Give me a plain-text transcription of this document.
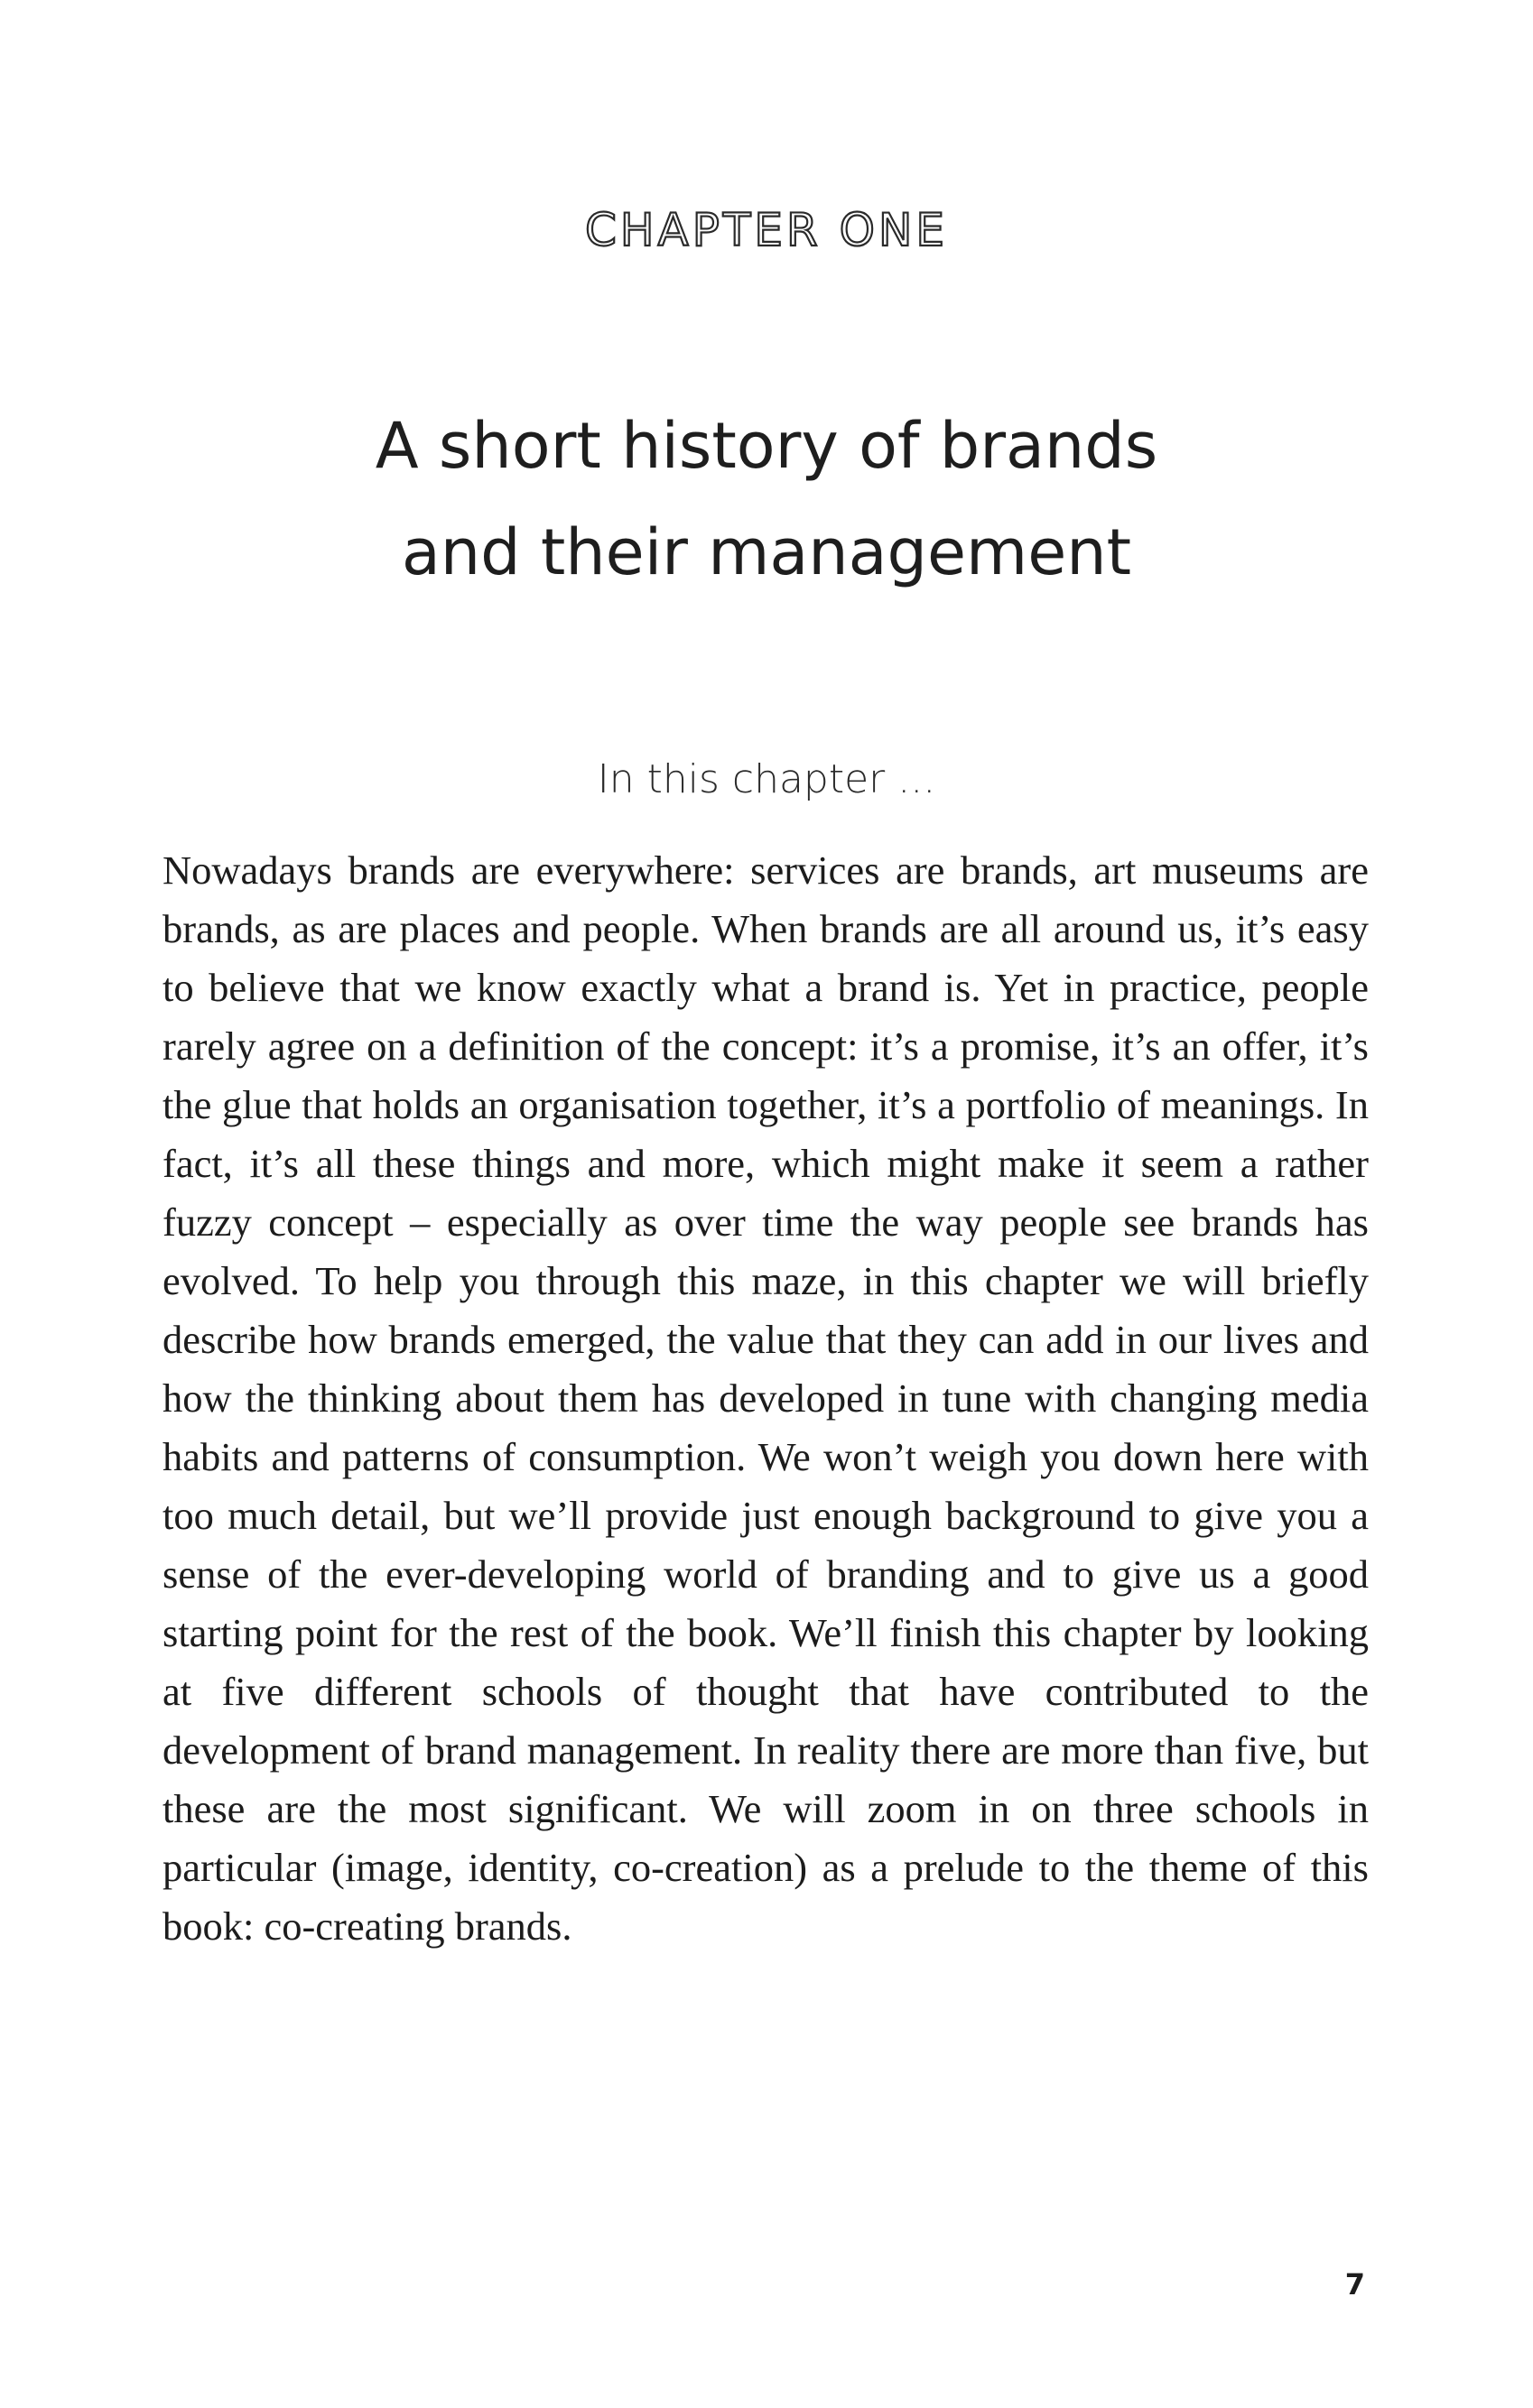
CHAPTER ONE
A short history of brands
and their management
In this chapter ...

Nowadays brands are everywhere: services are brands, art museums are brands, as are places and people. When brands are all around us, it’s easy to believe that we know exactly what a brand is. Yet in practice, people rarely agree on a definition of the concept: it’s a promise, it’s an offer, it’s the glue that holds an organisation together, it’s a portfolio of meanings. In fact, it’s all these things and more, which might make it seem a rather fuzzy concept – especially as over time the way people see brands has evolved. To help you through this maze, in this chapter we will briefly describe how brands emerged, the value that they can add in our lives and how the thinking about them has developed in tune with changing media habits and patterns of consumption. We won’t weigh you down here with too much detail, but we’ll provide just enough background to give you a sense of the ever-developing world of branding and to give us a good starting point for the rest of the book. We’ll finish this chapter by looking at five different schools of thought that have contributed to the development of brand management. In reality there are more than five, but these are the most significant. We will zoom in on three schools in particular (image, identity, co-creation) as a prelude to the theme of this book: co-creating brands.

7
